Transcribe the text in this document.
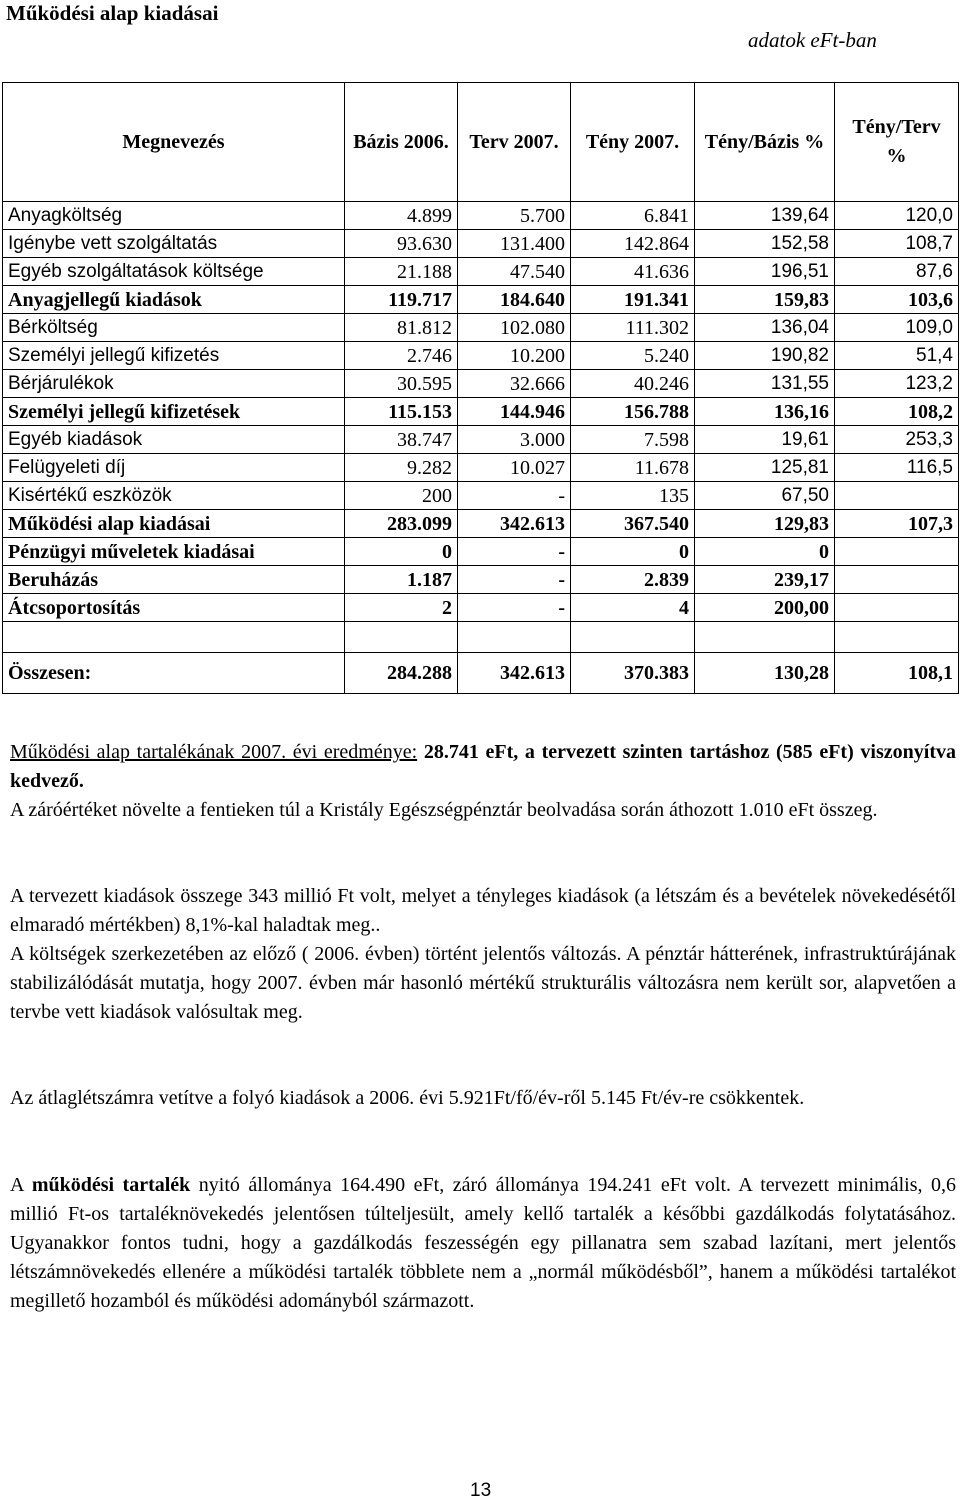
Működési alap kiadásai
adatok eFt-ban
Megnevezés	Bázis 2006.	Terv 2007.	Tény 2007.	Tény/Bázis %	Tény/Terv %
Anyagköltség	4.899	5.700	6.841	139,64	120,0
Igénybe vett szolgáltatás	93.630	131.400	142.864	152,58	108,7
Egyéb szolgáltatások költsége	21.188	47.540	41.636	196,51	87,6
Anyagjellegű kiadások	119.717	184.640	191.341	159,83	103,6
Bérköltség	81.812	102.080	111.302	136,04	109,0
Személyi jellegű kifizetés	2.746	10.200	5.240	190,82	51,4
Bérjárulékok	30.595	32.666	40.246	131,55	123,2
Személyi jellegű kifizetések	115.153	144.946	156.788	136,16	108,2
Egyéb kiadások	38.747	3.000	7.598	19,61	253,3
Felügyeleti díj	9.282	10.027	11.678	125,81	116,5
Kisértékű eszközök	200	-	135	67,50	
Működési alap kiadásai	283.099	342.613	367.540	129,83	107,3
Pénzügyi műveletek kiadásai	0	-	0	0	
Beruházás	1.187	-	2.839	239,17	
Átcsoportosítás	2	-	4	200,00	

Összesen:	284.288	342.613	370.383	130,28	108,1
Működési alap tartalékának 2007. évi eredménye: 28.741 eFt, a tervezett szinten tartáshoz (585 eFt) viszonyítva kedvező.
A záróértéket növelte a fentieken túl a Kristály Egészségpénztár beolvadása során áthozott 1.010 eFt összeg.
A tervezett kiadások összege 343 millió Ft volt, melyet a tényleges kiadások (a létszám és a bevételek növekedésétől elmaradó mértékben) 8,1%-kal haladtak meg..
A költségek szerkezetében az előző ( 2006. évben) történt jelentős változás. A pénztár hátterének, infrastruktúrájának stabilizálódását mutatja, hogy 2007. évben már hasonló mértékű strukturális változásra nem került sor, alapvetően a tervbe vett kiadások valósultak meg.
Az átlaglétszámra vetítve a folyó kiadások a 2006. évi 5.921Ft/fő/év-ről 5.145 Ft/év-re csökkentek.
A működési tartalék nyitó állománya 164.490 eFt, záró állománya 194.241 eFt volt. A tervezett minimális, 0,6 millió Ft-os tartaléknövekedés jelentősen túlteljesült, amely kellő tartalék a későbbi gazdálkodás folytatásához. Ugyanakkor fontos tudni, hogy a gazdálkodás feszességén egy pillanatra sem szabad lazítani, mert jelentős létszámnövekedés ellenére a működési tartalék többlete nem a „normál működésből”, hanem a működési tartalékot megillető hozamból és működési adományból származott.
13
